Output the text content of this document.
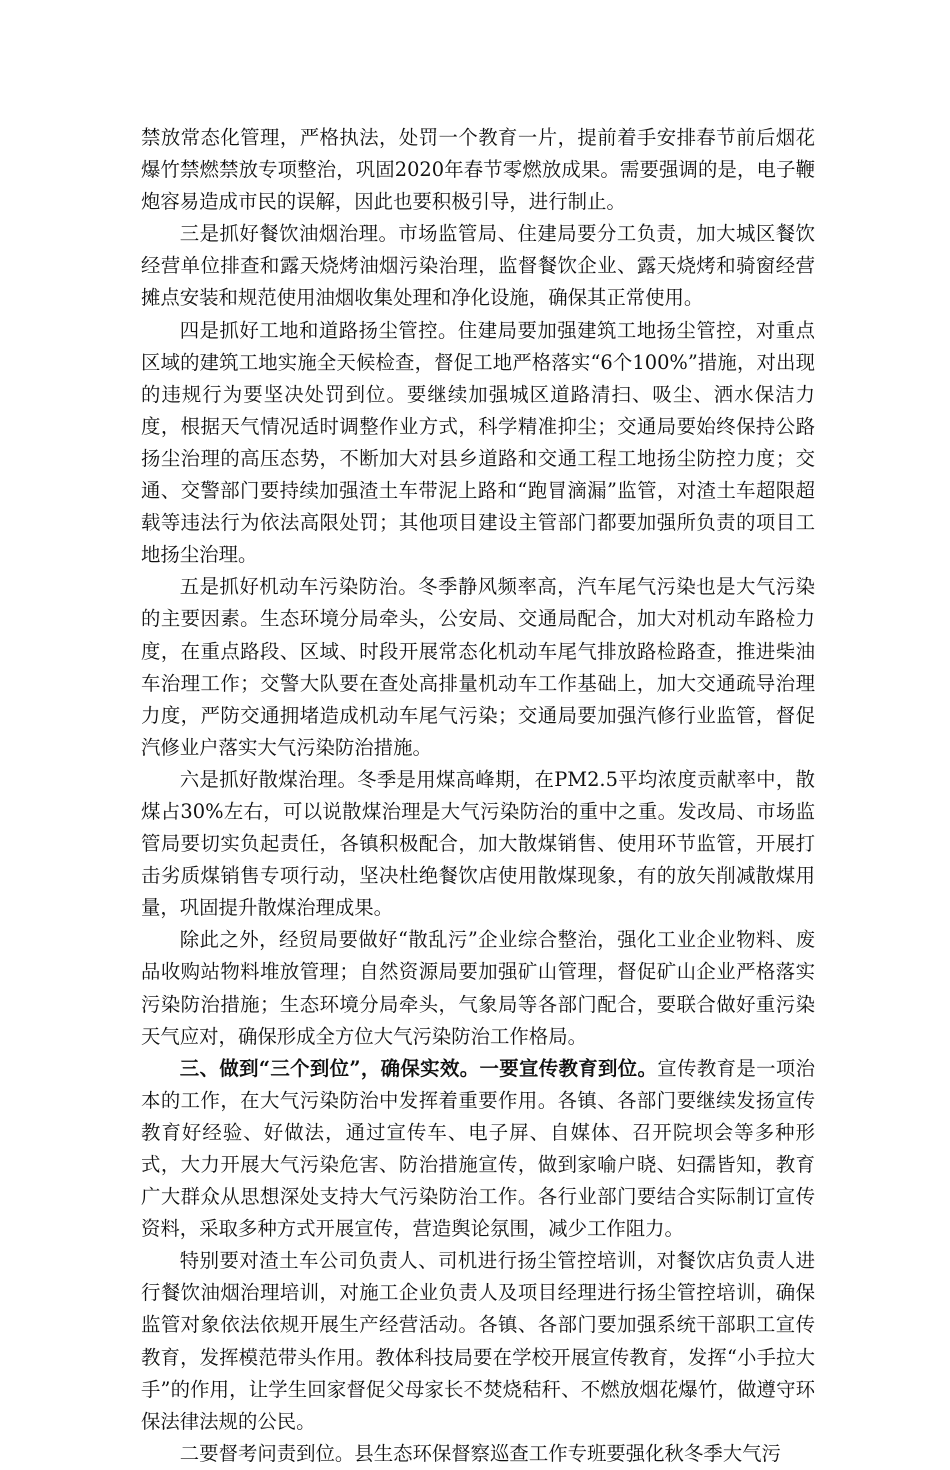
禁放常态化管理，严格执法，处罚一个教育一片，提前着手安排春节前后烟花爆竹禁燃禁放专项整治，巩固2020年春节零燃放成果。需要强调的是，电子鞭炮容易造成市民的误解，因此也要积极引导，进行制止。

三是抓好餐饮油烟治理。市场监管局、住建局要分工负责，加大城区餐饮经营单位排查和露天烧烤油烟污染治理，监督餐饮企业、露天烧烤和骑窗经营摊点安装和规范使用油烟收集处理和净化设施，确保其正常使用。

四是抓好工地和道路扬尘管控。住建局要加强建筑工地扬尘管控，对重点区域的建筑工地实施全天候检查，督促工地严格落实“6个100%”措施，对出现的违规行为要坚决处罚到位。要继续加强城区道路清扫、吸尘、洒水保洁力度，根据天气情况适时调整作业方式，科学精准抑尘；交通局要始终保持公路扬尘治理的高压态势，不断加大对县乡道路和交通工程工地扬尘防控力度；交通、交警部门要持续加强渣土车带泥上路和“跑冒滴漏”监管，对渣土车超限超载等违法行为依法高限处罚；其他项目建设主管部门都要加强所负责的项目工地扬尘治理。

五是抓好机动车污染防治。冬季静风频率高，汽车尾气污染也是大气污染的主要因素。生态环境分局牵头，公安局、交通局配合，加大对机动车路检力度，在重点路段、区域、时段开展常态化机动车尾气排放路检路查，推进柴油车治理工作；交警大队要在查处高排量机动车工作基础上，加大交通疏导治理力度，严防交通拥堵造成机动车尾气污染；交通局要加强汽修行业监管，督促汽修业户落实大气污染防治措施。

六是抓好散煤治理。冬季是用煤高峰期，在PM2.5平均浓度贡献率中，散煤占30%左右，可以说散煤治理是大气污染防治的重中之重。发改局、市场监管局要切实负起责任，各镇积极配合，加大散煤销售、使用环节监管，开展打击劣质煤销售专项行动，坚决杜绝餐饮店使用散煤现象，有的放矢削减散煤用量，巩固提升散煤治理成果。

除此之外，经贸局要做好“散乱污”企业综合整治，强化工业企业物料、废品收购站物料堆放管理；自然资源局要加强矿山管理，督促矿山企业严格落实污染防治措施；生态环境分局牵头，气象局等各部门配合，要联合做好重污染天气应对，确保形成全方位大气污染防治工作格局。

三、做到“三个到位”，确保实效。一要宣传教育到位。宣传教育是一项治本的工作，在大气污染防治中发挥着重要作用。各镇、各部门要继续发扬宣传教育好经验、好做法，通过宣传车、电子屏、自媒体、召开院坝会等多种形式，大力开展大气污染危害、防治措施宣传，做到家喻户晓、妇孺皆知，教育广大群众从思想深处支持大气污染防治工作。各行业部门要结合实际制订宣传资料，采取多种方式开展宣传，营造舆论氛围，减少工作阻力。

特别要对渣土车公司负责人、司机进行扬尘管控培训，对餐饮店负责人进行餐饮油烟治理培训，对施工企业负责人及项目经理进行扬尘管控培训，确保监管对象依法依规开展生产经营活动。各镇、各部门要加强系统干部职工宣传教育，发挥模范带头作用。教体科技局要在学校开展宣传教育，发挥“小手拉大手”的作用，让学生回家督促父母家长不焚烧秸秆、不燃放烟花爆竹，做遵守环保法律法规的公民。

二要督考问责到位。县生态环保督察巡查工作专班要强化秋冬季大气污
